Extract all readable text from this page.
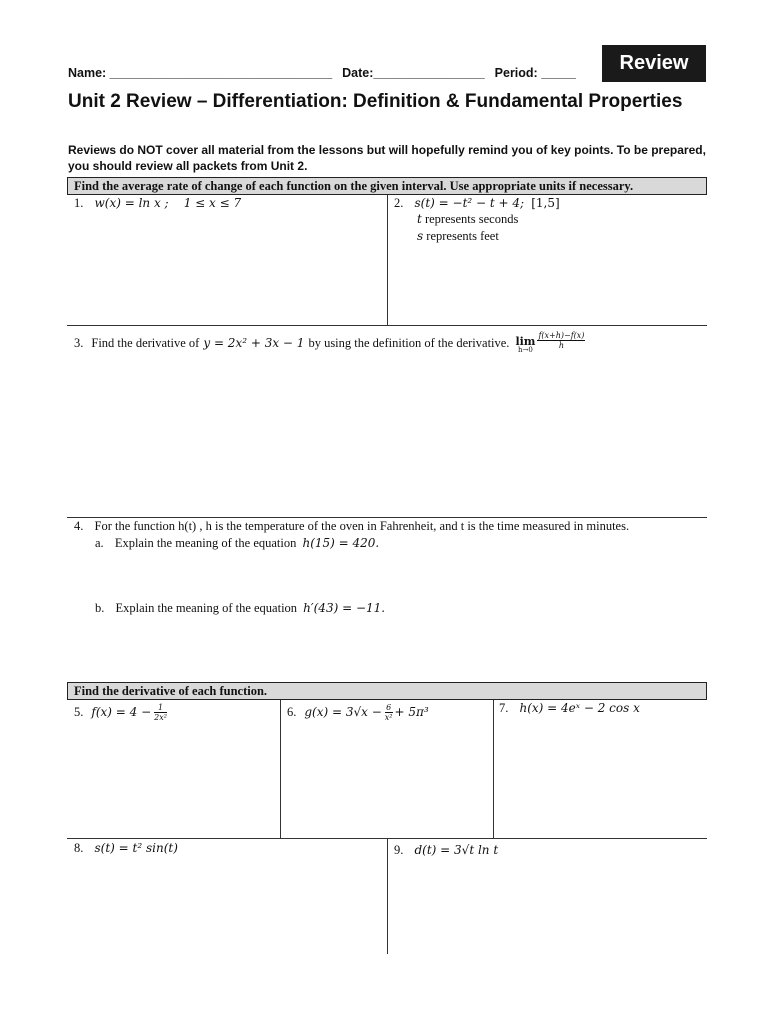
Name: ________________________________ Date:________________ Period: _____	Review
Unit 2 Review – Differentiation: Definition & Fundamental Properties
Reviews do NOT cover all material from the lessons but will hopefully remind you of key points. To be prepared, you should review all packets from Unit 2.
Find the average rate of change of each function on the given interval. Use appropriate units if necessary.
1. w(x) = ln x ; 1 ≤ x ≤ 7	2. s(t) = −t² − t + 4; [1,5]
t represents seconds
s represents feet
3. Find the derivative of y = 2x² + 3x − 1 by using the definition of the derivative. lim
h→0
$\frac{f(x+h)-f(x)}{h}$
4. For the function h(t) , h is the temperature of the oven in Fahrenheit, and t is the time measured in minutes.
a. Explain the meaning of the equation h(15) = 420.
b. Explain the meaning of the equation h′(43) = −11.
Find the derivative of each function.
5. $f(x) = 4 - \frac{1}{\text{2x²}}$	6. $g(x) = 3√x - \frac{6}{\text{x²}} + 5\pi^3$	7. h(x) = 4eˣ − 2 cos x
8. s(t) = t² sin(t)	9. d(t) = 3√t ln t
